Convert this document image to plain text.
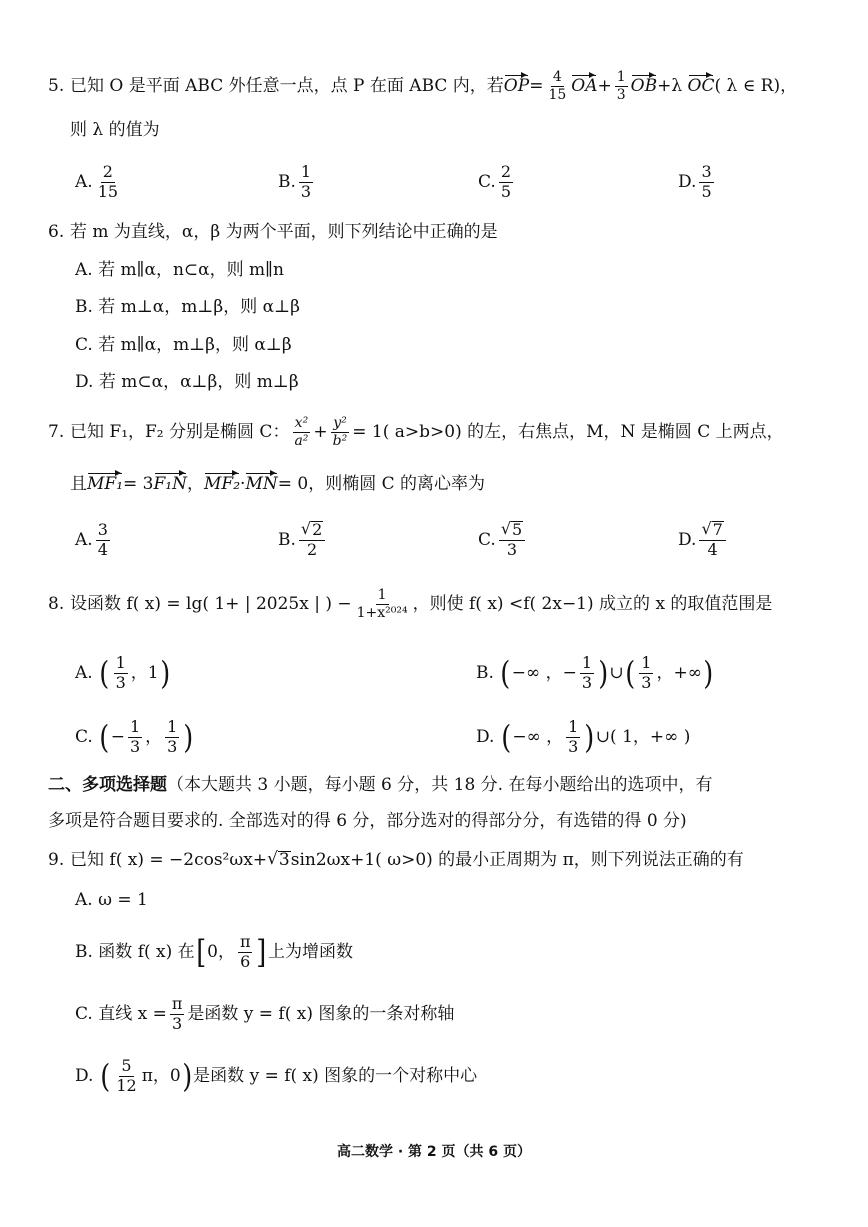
5. 已知 O 是平面 ABC 外任意一点，点 P 在面 ABC 内，若 OP = $\frac{4}{15}$ OA + $\frac{1}{3}$ OB + λ
OC ( λ ∈ R)，
则 λ 的值为
A. $\frac{2}{15}$	B. $\frac{1}{3}$	C. $\frac{2}{5}$	D. $\frac{3}{5}$
6. 若 m 为直线，α，β 为两个平面，则下列结论中正确的是
A. 若 m∥α，n⊂α，则 m∥n
B. 若 m⊥α，m⊥β，则 α⊥β
C. 若 m∥α，m⊥β，则 α⊥β
D. 若 m⊂α，α⊥β，则 m⊥β
7. 已知 F₁，F₂ 分别是椭圆 C： $\frac{\text{x²}}{\text{a²}} + \frac{\text{y²}}{\text{b²}} = 1$( a>b>0) 的左，右焦点，M，N 是椭圆 C 上两点，
且 MF₁ = 3 F₁N ， MF₂ · MN = 0，则椭圆 C 的离心率为
A. $\frac{3}{4}$	B. $\frac{√ 2}{2}$	C. $\frac{√ 5}{3}$	D. $\frac{√ 7}{4}$
8. 设函数 f( x) = lg( 1+ | 2025x | ) − $\frac{1}{\text{1+x²⁰²⁴}}$ ，则使 f( x) <f( 2x−1) 成立的 x 的取值范围是
A.
( $\frac{1}{3}$ ，1 )	B.
( −∞ ，− $\frac{1}{3}$ ) ∪ ( $\frac{1}{3}$ ，+∞ )
C.
( − $\frac{1}{3}$ ， $\frac{1}{3}$ )	D.
( −∞ ， $\frac{1}{3}$ ) ∪( 1，+∞ )
二、多项选择题 （本大题共 3 小题，每小题 6 分，共 18 分. 在每小题给出的选项中，有
多项是符合题目要求的. 全部选对的得 6 分，部分选对的得部分分，有选错的得 0 分)
9. 已知 f( x) = −2cos²ωx+ √ 3 sin2ωx+1( ω>0) 的最小正周期为 π，则下列说法正确的有
A. ω = 1
B. 函数 f( x) 在 [ 0， $\frac{\pi}{6}$ ] 上为增函数
C. 直线 $x = \frac{\pi}{3}$ 是函数 y = f( x) 图象的一条对称轴
D.
( $\frac{5}{12}$ π，0 ) 是函数 y = f( x) 图象的一个对称中心
高二数学 · 第 2 页（共 6 页）
